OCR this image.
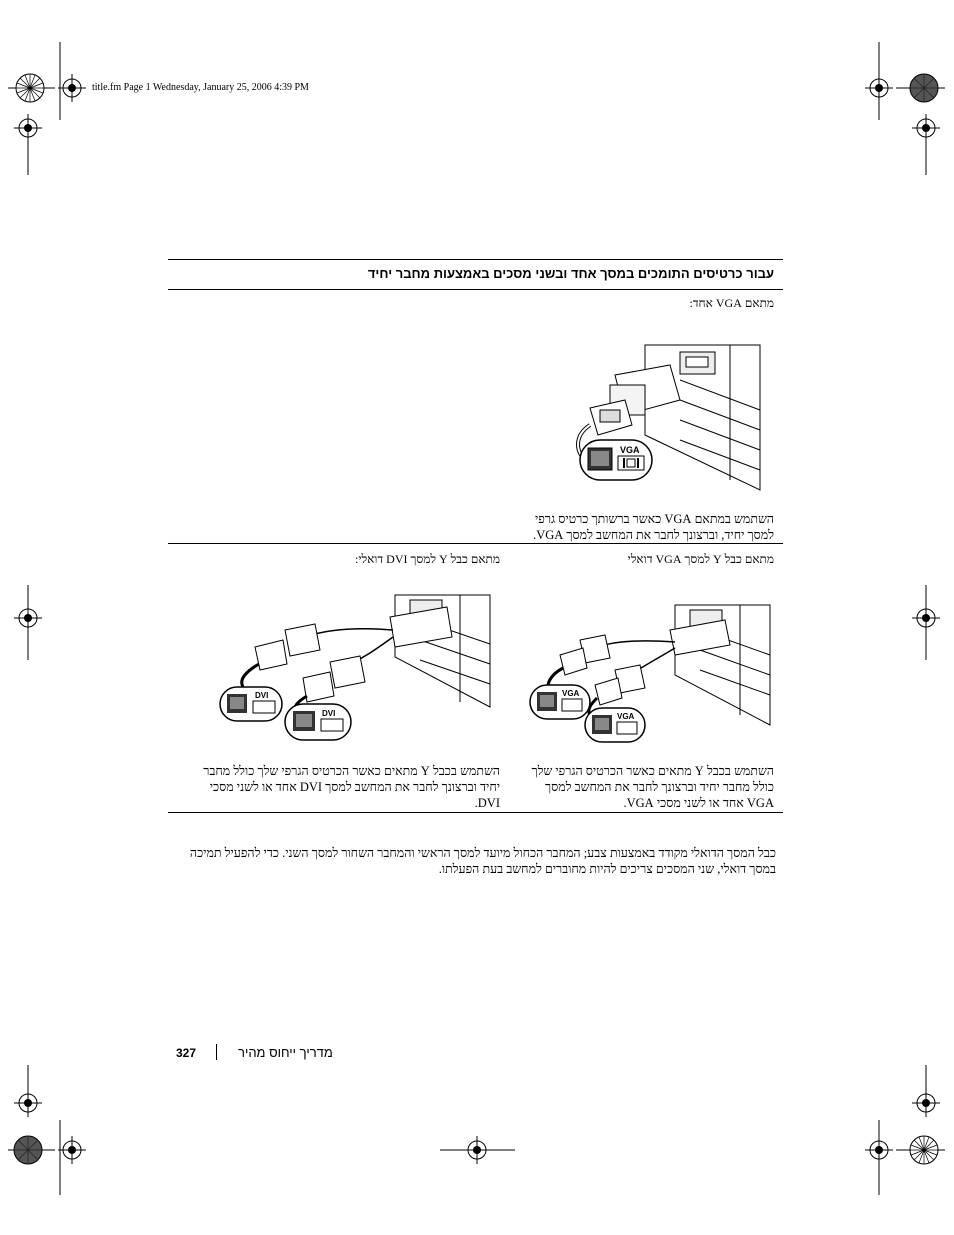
title.fm Page 1 Wednesday, January 25, 2006 4:39 PM
עבור כרטיסים התומכים במסך אחד ובשני מסכים באמצעות מחבר יחיד
מתאם VGA אחד:
VGA
השתמש במתאם VGA כאשר ברשותך כרטיס גרפי למסך יחיד, וברצונך לחבר את המחשב למסך VGA.
מתאם כבל Y למסך VGA דואלי
VGA
VGA
השתמש בכבל Y מתאים כאשר הכרטיס הגרפי שלך כולל מחבר יחיד וברצונך לחבר את המחשב למסך VGA אחד או לשני מסכי VGA.
מתאם כבל Y למסך DVI דואלי:
DVI
DVI
השתמש בכבל Y מתאים כאשר הכרטיס הגרפי שלך כולל מחבר יחיד וברצונך לחבר את המחשב למסך DVI אחד או לשני מסכי DVI.
כבל המסך הדואלי מקודד באמצעות צבע; המחבר הכחול מיועד למסך הראשי והמחבר השחור למסך השני. כדי להפעיל תמיכה במסך דואלי, שני המסכים צריכים להיות מחוברים למחשב בעת הפעלתו.
327	מדריך ייחוס מהיר
